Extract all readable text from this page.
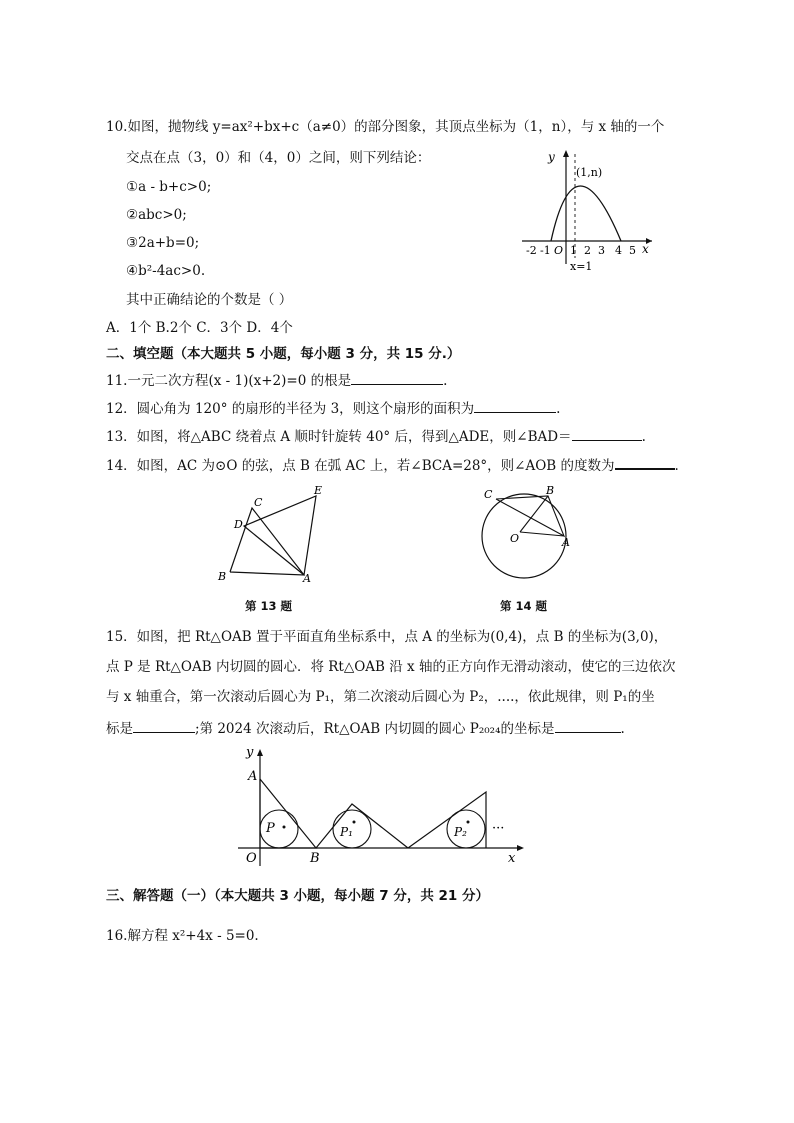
10.如图，抛物线 y=ax²+bx+c（a≠0）的部分图象，其顶点坐标为（1，n），与 x 轴的一个
交点在点（3，0）和（4，0）之间，则下列结论：
①a - b+c>0;
②abc>0;
③2a+b=0;
④b²-4ac>0.
其中正确结论的个数是（ ）
A．1个 B.2个 C．3个 D．4个
y
x
(1,n)
x=1
-2 -1 O 1 2 3 4 5
二、填空题（本大题共 5 小题，每小题 3 分，共 15 分.）
11.一元二次方程(x - 1)(x+2)=0 的根是	.
12．圆心角为 120° 的扇形的半径为 3，则这个扇形的面积为	.
13．如图，将△ABC 绕着点 A 顺时针旋转 40° 后，得到△ADE，则∠BAD＝	.
14．如图，AC 为⊙O 的弦，点 B 在弧 AC 上，若∠BCA=28°，则∠AOB 的度数为	.
C
E
D
B	A
第 13 题
C	B
O	A
第 14 题
15．如图，把 Rt△OAB 置于平面直角坐标系中，点 A 的坐标为(0,4)，点 B 的坐标为(3,0)，
点 P 是 Rt△OAB 内切圆的圆心．将 Rt△OAB 沿 x 轴的正方向作无滑动滚动，使它的三边依次
与 x 轴重合，第一次滚动后圆心为 P₁，第二次滚动后圆心为 P₂，....，依此规律，则 P₁的坐
标是	;第 2024 次滚动后，Rt△OAB 内切圆的圆心 P₂₀₂₄的坐标是	.
y
A
P	P₁	P₂ ···
O	B	x
三、解答题（一）（本大题共 3 小题，每小题 7 分，共 21 分）
16.解方程 x²+4x - 5=0.
